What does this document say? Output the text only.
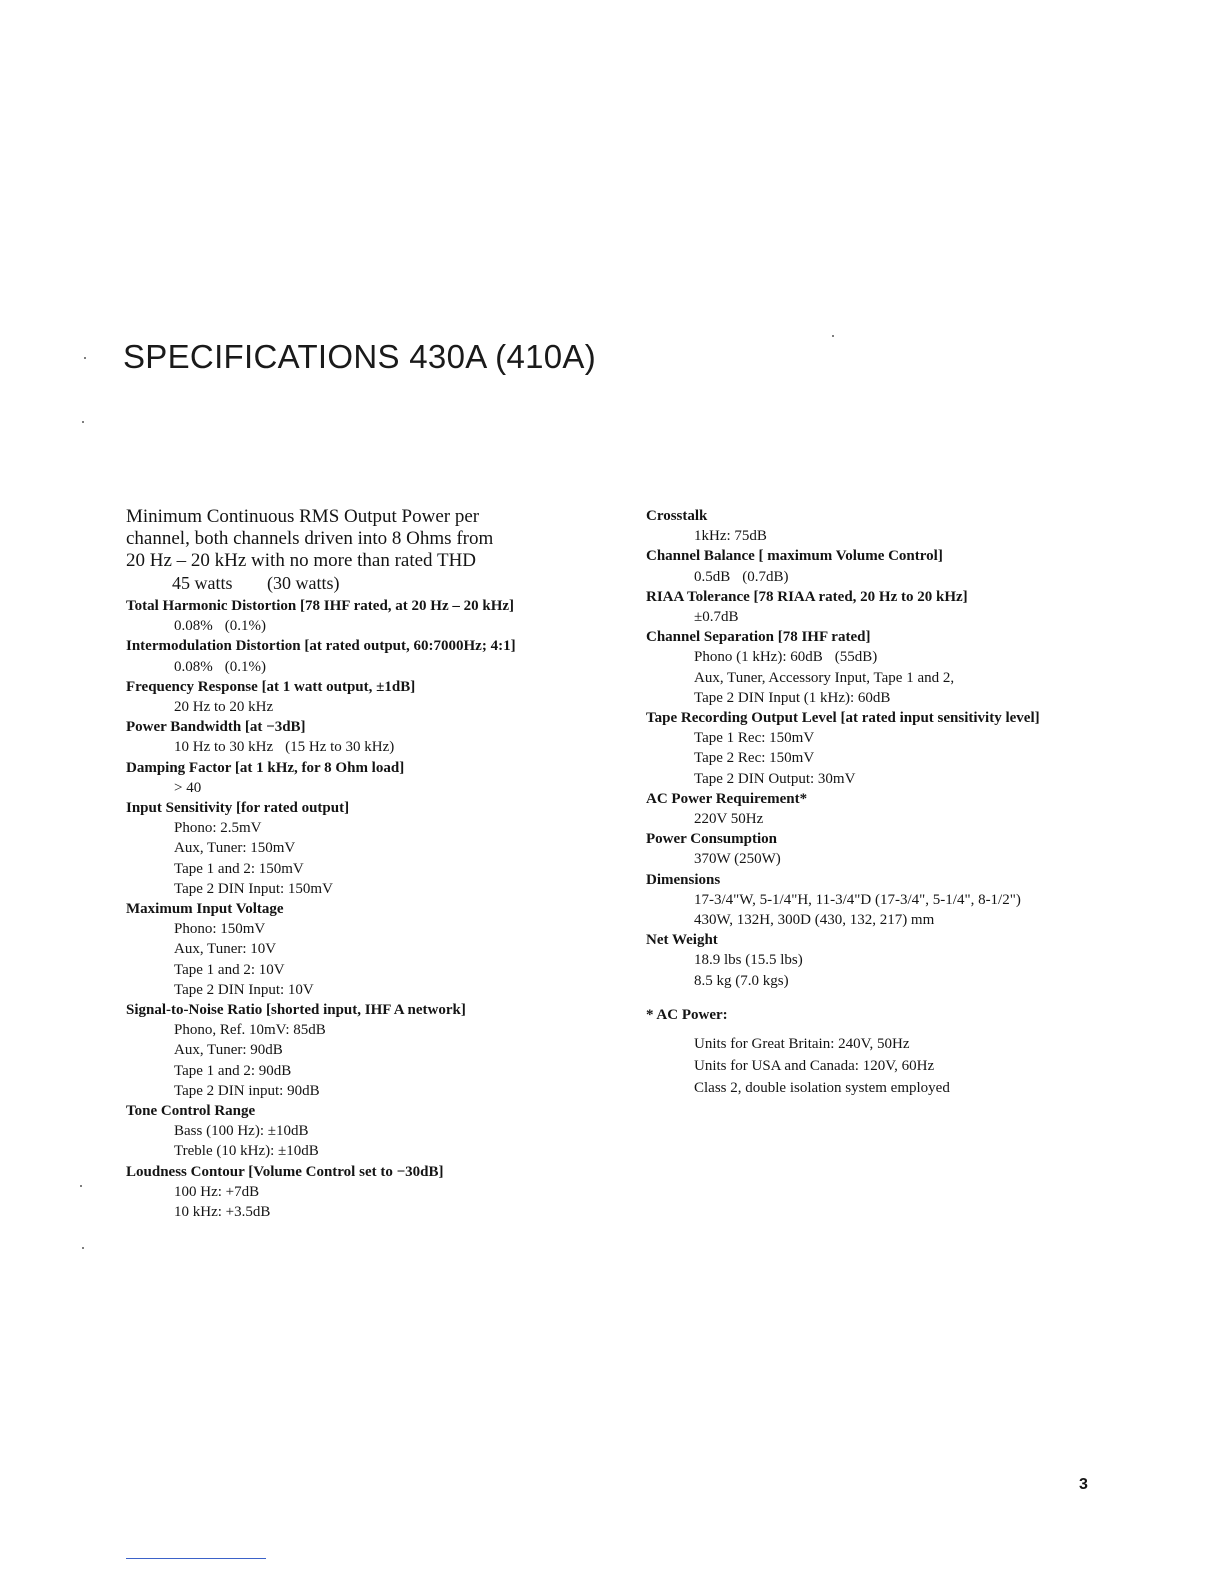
SPECIFICATIONS 430A (410A)
Minimum Continuous RMS Output Power per
channel, both channels driven into 8 Ohms from
20 Hz – 20 kHz with no more than rated THD
45 watts (30 watts)
Total Harmonic Distortion [78 IHF rated, at 20 Hz – 20 kHz]
0.08% (0.1%)
Intermodulation Distortion [at rated output, 60:7000Hz; 4:1]
0.08% (0.1%)
Frequency Response [at 1 watt output, ±1dB]
20 Hz to 20 kHz
Power Bandwidth [at −3dB]
10 Hz to 30 kHz (15 Hz to 30 kHz)
Damping Factor [at 1 kHz, for 8 Ohm load]
> 40
Input Sensitivity [for rated output]
Phono: 2.5mV
Aux, Tuner: 150mV
Tape 1 and 2: 150mV
Tape 2 DIN Input: 150mV
Maximum Input Voltage
Phono: 150mV
Aux, Tuner: 10V
Tape 1 and 2: 10V
Tape 2 DIN Input: 10V
Signal-to-Noise Ratio [shorted input, IHF A network]
Phono, Ref. 10mV: 85dB
Aux, Tuner: 90dB
Tape 1 and 2: 90dB
Tape 2 DIN input: 90dB
Tone Control Range
Bass (100 Hz): ±10dB
Treble (10 kHz): ±10dB
Loudness Contour [Volume Control set to −30dB]
100 Hz: +7dB
10 kHz: +3.5dB
Crosstalk
1kHz: 75dB
Channel Balance [ maximum Volume Control]
0.5dB (0.7dB)
RIAA Tolerance [78 RIAA rated, 20 Hz to 20 kHz]
±0.7dB
Channel Separation [78 IHF rated]
Phono (1 kHz): 60dB (55dB)
Aux, Tuner, Accessory Input, Tape 1 and 2,
Tape 2 DIN Input (1 kHz): 60dB
Tape Recording Output Level [at rated input sensitivity level]
Tape 1 Rec: 150mV
Tape 2 Rec: 150mV
Tape 2 DIN Output: 30mV
AC Power Requirement*
220V 50Hz
Power Consumption
370W (250W)
Dimensions
17-3/4"W, 5-1/4"H, 11-3/4"D (17-3/4", 5-1/4", 8-1/2")
430W, 132H, 300D (430, 132, 217) mm
Net Weight
18.9 lbs (15.5 lbs)
8.5 kg (7.0 kgs)
* AC Power:
Units for Great Britain: 240V, 50Hz
Units for USA and Canada: 120V, 60Hz
Class 2, double isolation system employed
3
